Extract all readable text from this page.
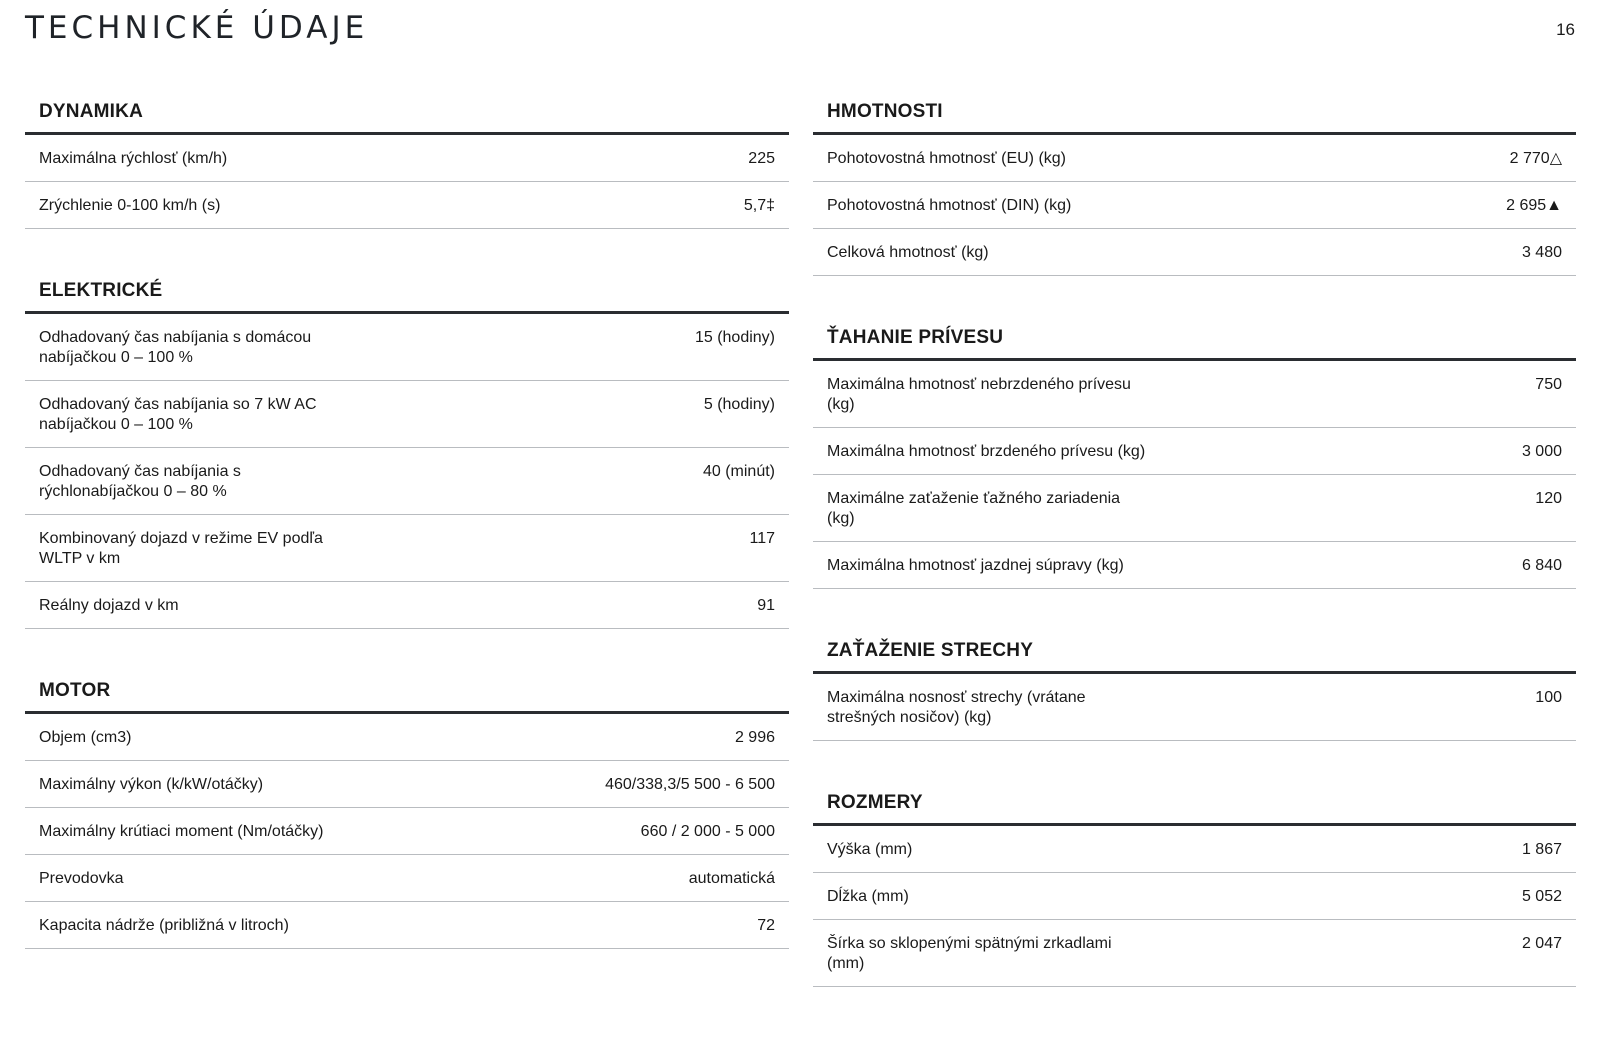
TECHNICKÉ ÚDAJE	16
DYNAMIKA
Maximálna rýchlosť (km/h)	225
Zrýchlenie 0-100 km/h (s)	5,7‡
ELEKTRICKÉ
Odhadovaný čas nabíjania s domácou
nabíjačkou 0 – 100 %
15 (hodiny)
Odhadovaný čas nabíjania so 7 kW AC
nabíjačkou 0 – 100 %
5 (hodiny)
Odhadovaný čas nabíjania s
rýchlonabíjačkou 0 – 80 %
40 (minút)
Kombinovaný dojazd v režime EV podľa
WLTP v km
117
Reálny dojazd v km	91
MOTOR
Objem (cm3)	2 996
Maximálny výkon (k/kW/otáčky)	460/338,3/5 500 - 6 500
Maximálny krútiaci moment (Nm/otáčky)	660 / 2 000 - 5 000
Prevodovka	automatická
Kapacita nádrže (približná v litroch)	72
HMOTNOSTI
Pohotovostná hmotnosť (EU) (kg)	2 770△
Pohotovostná hmotnosť (DIN) (kg)	2 695▲
Celková hmotnosť (kg)	3 480
ŤAHANIE PRÍVESU
Maximálna hmotnosť nebrzdeného prívesu
(kg)
750
Maximálna hmotnosť brzdeného prívesu (kg)	3 000
Maximálne zaťaženie ťažného zariadenia
(kg)
120
Maximálna hmotnosť jazdnej súpravy (kg)	6 840
ZAŤAŽENIE STRECHY
Maximálna nosnosť strechy (vrátane
strešných nosičov) (kg)
100
ROZMERY
Výška (mm)	1 867
Dĺžka (mm)	5 052
Šírka so sklopenými spätnými zrkadlami
(mm)
2 047
